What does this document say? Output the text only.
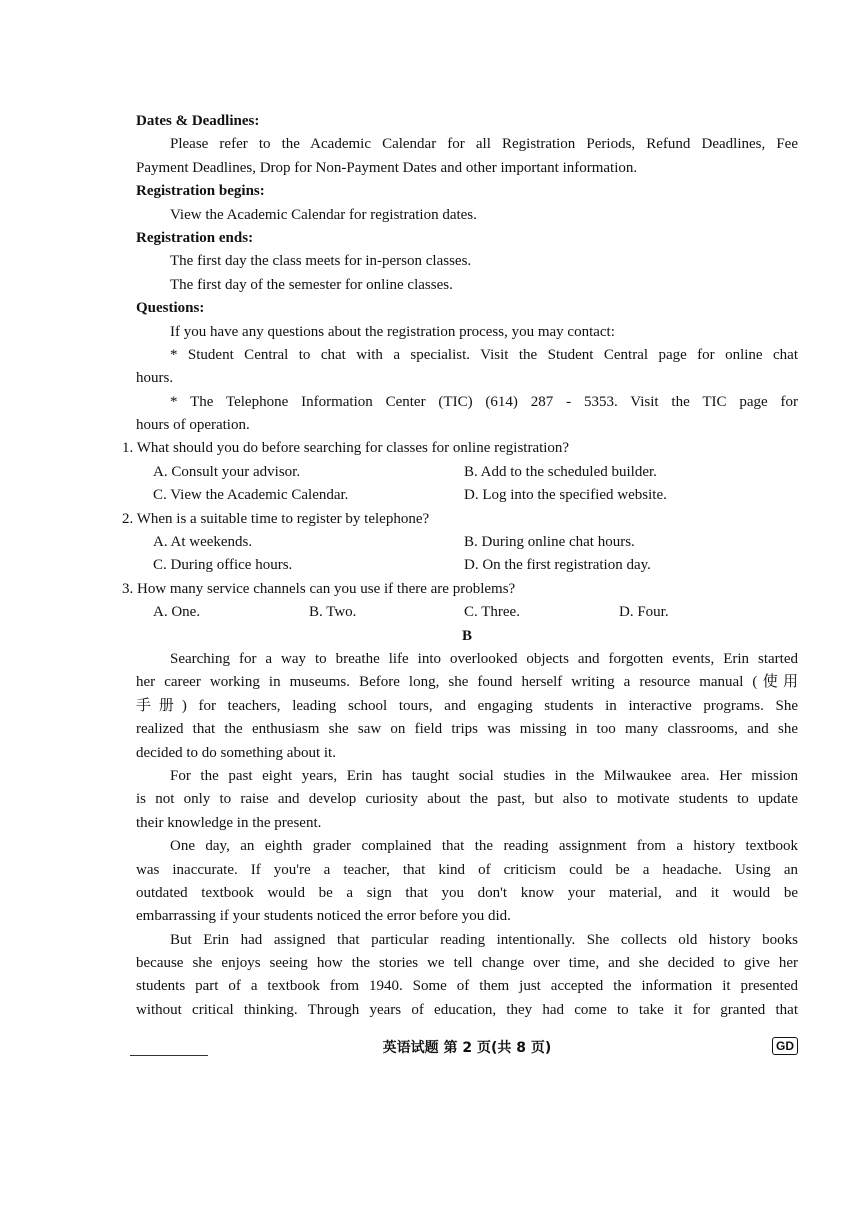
Dates & Deadlines:
Please refer to the Academic Calendar for all Registration Periods, Refund Deadlines, Fee
Payment Deadlines, Drop for Non-Payment Dates and other important information.
Registration begins:
View the Academic Calendar for registration dates.
Registration ends:
The first day the class meets for in-person classes.
The first day of the semester for online classes.
Questions:
If you have any questions about the registration process, you may contact:
* Student Central to chat with a specialist. Visit the Student Central page for online chat
hours.
* The Telephone Information Center (TIC) (614) 287 - 5353. Visit the TIC page for
hours of operation.
1. What should you do before searching for classes for online registration?
A. Consult your advisor.	B. Add to the scheduled builder.
C. View the Academic Calendar.	D. Log into the specified website.
2. When is a suitable time to register by telephone?
A. At weekends.	B. During online chat hours.
C. During office hours.	D. On the first registration day.
3. How many service channels can you use if there are problems?
A. One.	B. Two.	C. Three.	D. Four.
B
Searching for a way to breathe life into overlooked objects and forgotten events, Erin started
her career working in museums. Before long, she found herself writing a resource manual (使用
手册) for teachers, leading school tours, and engaging students in interactive programs. She
realized that the enthusiasm she saw on field trips was missing in too many classrooms, and she
decided to do something about it.
For the past eight years, Erin has taught social studies in the Milwaukee area. Her mission
is not only to raise and develop curiosity about the past, but also to motivate students to update
their knowledge in the present.
One day, an eighth grader complained that the reading assignment from a history textbook
was inaccurate. If you're a teacher, that kind of criticism could be a headache. Using an
outdated textbook would be a sign that you don't know your material, and it would be
embarrassing if your students noticed the error before you did.
But Erin had assigned that particular reading intentionally. She collects old history books
because she enjoys seeing how the stories we tell change over time, and she decided to give her
students part of a textbook from 1940. Some of them just accepted the information it presented
without critical thinking. Through years of education, they had come to take it for granted that
英语试题 第 2 页(共 8 页)	GD
